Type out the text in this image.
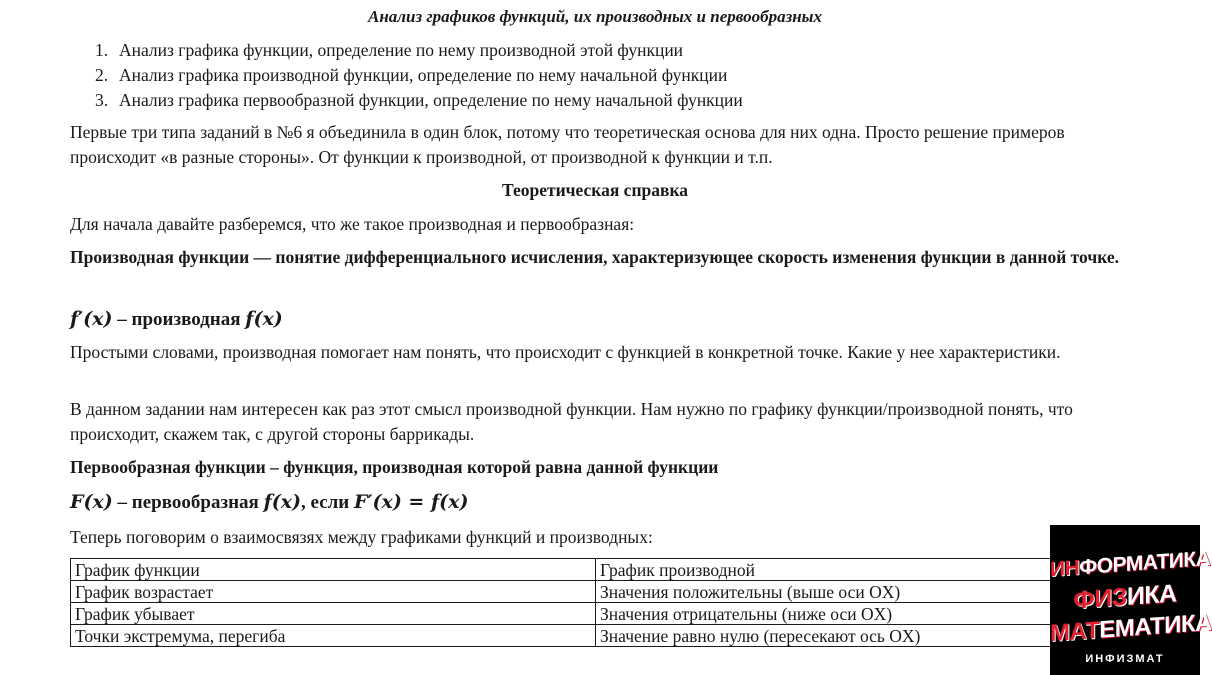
Анализ графиков функций, их производных и первообразных

1. Анализ графика функции, определение по нему производной этой функции
2. Анализ графика производной функции, определение по нему начальной функции
3. Анализ графика первообразной функции, определение по нему начальной функции

Первые три типа заданий в №6 я объединила в один блок, потому что теоретическая основа для них одна. Просто решение примеров происходит «в разные стороны». От функции к производной, от производной к функции и т.п.

Теоретическая справка

Для начала давайте разберемся, что же такое производная и первообразная:

Производная функции — понятие дифференциального исчисления, характеризующее скорость изменения функции в данной точке.

f′(x) – производная f(x)

Простыми словами, производная помогает нам понять, что происходит с функцией в конкретной точке. Какие у нее характеристики.

В данном задании нам интересен как раз этот смысл производной функции. Нам нужно по графику функции/производной понять, что происходит, скажем так, с другой стороны баррикады.

Первообразная функции – функция, производная которой равна данной функции

F(x) – первообразная f(x), если F′(x) = f(x)

Теперь поговорим о взаимосвязях между графиками функций и производных:

График функции	График производной
График возрастает	Значения положительны (выше оси OX)
График убывает	Значения отрицательны (ниже оси OX)
Точки экстремума, перегиба	Значение равно нулю (пересекают ось OX)
ИНФОРМАТИКА
ФИЗИКА
МАТЕМАТИКА
ИНФИЗМАТ
